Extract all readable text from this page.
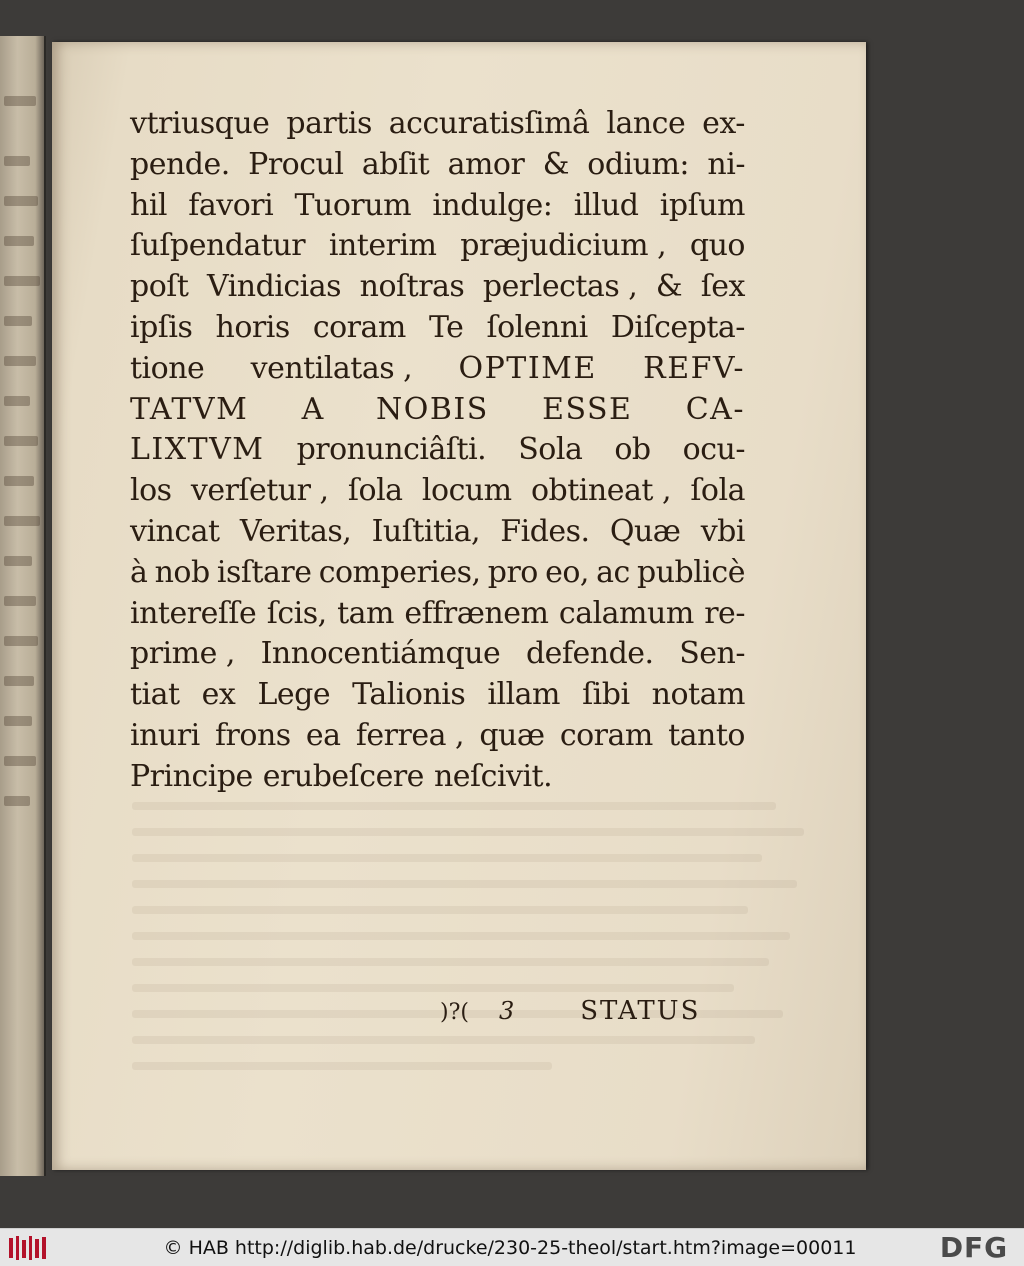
vtriusque partis accuratisſimâ lance ex-
pende. Procul abſit amor & odium: ni-
hil favori Tuorum indulge: illud ipſum
ſuſpendatur interim præjudicium , quo
poſt Vindicias noſtras perlectas , & ſex
ipſis horis coram Te ſolenni Diſcepta-
tione ventilatas , OPTIME REFV-
TATVM A NOBIS ESSE CA-
LIXTVM pronunciâſti. Sola ob ocu-
los verſetur , ſola locum obtineat , ſola
vincat Veritas, Iuſtitia, Fides. Quæ vbi
à nob isſtare comperies, pro eo, ac publicè
intereſſe ſcis, tam effrænem calamum re-
prime , Innocentiámque defende. Sen-
tiat ex Lege Talionis illam ſibi notam
inuri frons ea ferrea , quæ coram tanto
Principe erubeſcere neſcivit.
)?( 3	STATUS
© HAB http://diglib.hab.de/drucke/230-25-theol/start.htm?image=00011	DFG
